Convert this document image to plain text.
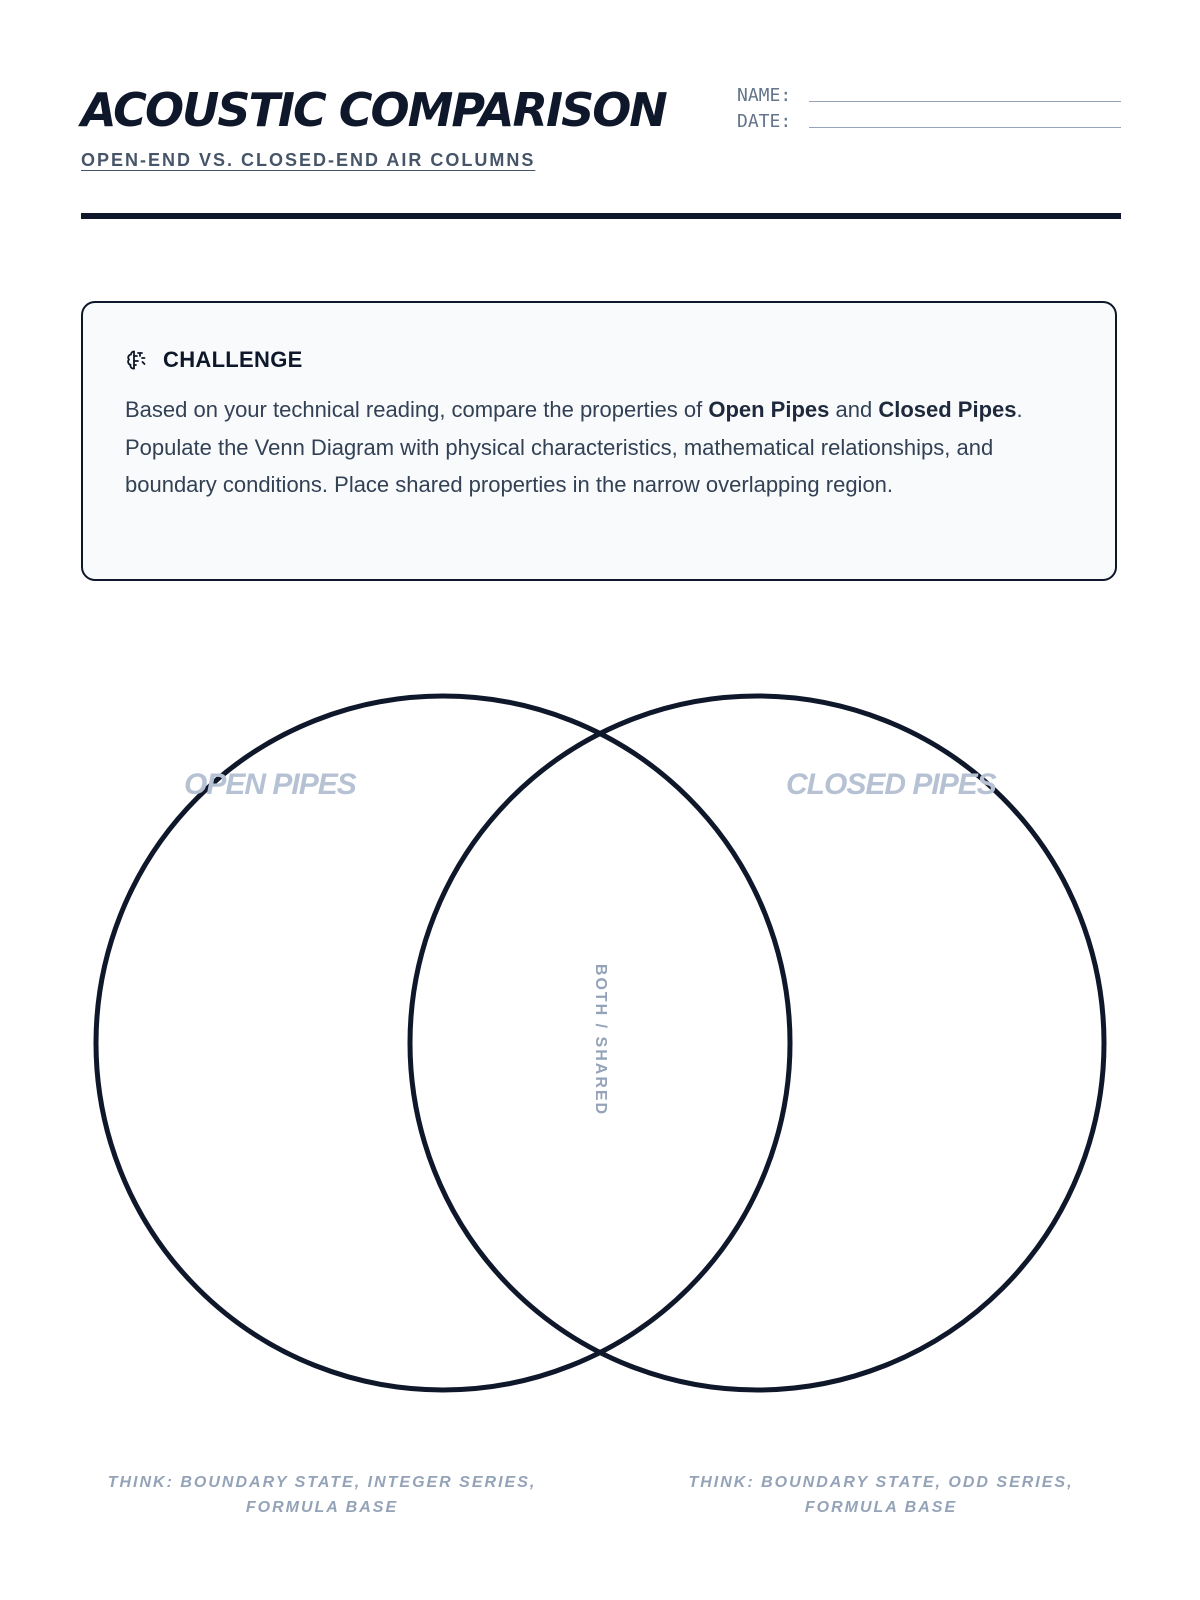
ACOUSTIC COMPARISON
OPEN-END VS. CLOSED-END AIR COLUMNS
NAME:
DATE:
CHALLENGE
Based on your technical reading, compare the properties of Open Pipes and Closed Pipes. Populate the Venn Diagram with physical characteristics, mathematical relationships, and boundary conditions. Place shared properties in the narrow overlapping region.
OPEN PIPES	CLOSED PIPES
BOTH / SHARED
THINK: BOUNDARY STATE, INTEGER SERIES,
FORMULA BASE
THINK: BOUNDARY STATE, ODD SERIES,
FORMULA BASE
